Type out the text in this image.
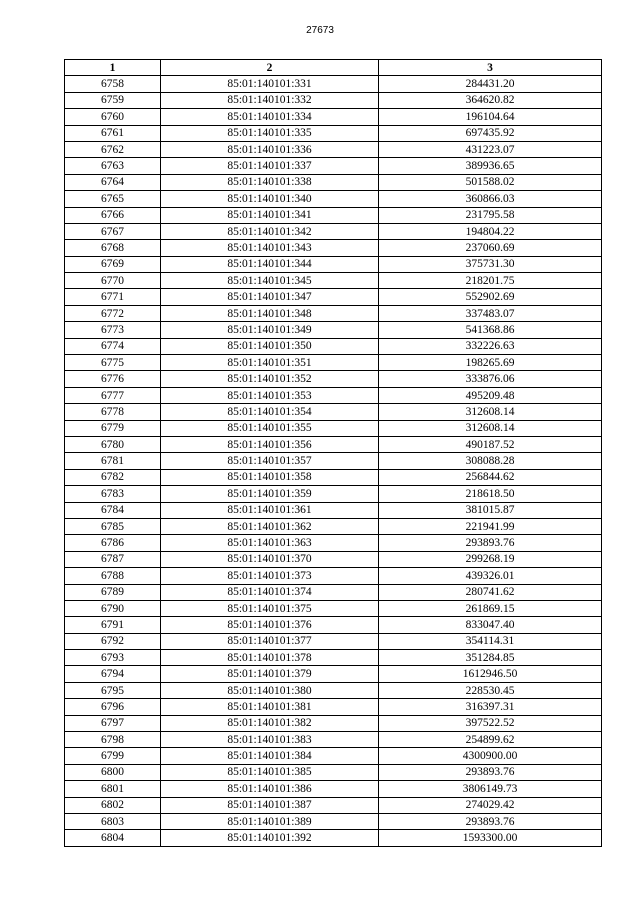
27673
1	2	3
6758	85:01:140101:331	284431.20
6759	85:01:140101:332	364620.82
6760	85:01:140101:334	196104.64
6761	85:01:140101:335	697435.92
6762	85:01:140101:336	431223.07
6763	85:01:140101:337	389936.65
6764	85:01:140101:338	501588.02
6765	85:01:140101:340	360866.03
6766	85:01:140101:341	231795.58
6767	85:01:140101:342	194804.22
6768	85:01:140101:343	237060.69
6769	85:01:140101:344	375731.30
6770	85:01:140101:345	218201.75
6771	85:01:140101:347	552902.69
6772	85:01:140101:348	337483.07
6773	85:01:140101:349	541368.86
6774	85:01:140101:350	332226.63
6775	85:01:140101:351	198265.69
6776	85:01:140101:352	333876.06
6777	85:01:140101:353	495209.48
6778	85:01:140101:354	312608.14
6779	85:01:140101:355	312608.14
6780	85:01:140101:356	490187.52
6781	85:01:140101:357	308088.28
6782	85:01:140101:358	256844.62
6783	85:01:140101:359	218618.50
6784	85:01:140101:361	381015.87
6785	85:01:140101:362	221941.99
6786	85:01:140101:363	293893.76
6787	85:01:140101:370	299268.19
6788	85:01:140101:373	439326.01
6789	85:01:140101:374	280741.62
6790	85:01:140101:375	261869.15
6791	85:01:140101:376	833047.40
6792	85:01:140101:377	354114.31
6793	85:01:140101:378	351284.85
6794	85:01:140101:379	1612946.50
6795	85:01:140101:380	228530.45
6796	85:01:140101:381	316397.31
6797	85:01:140101:382	397522.52
6798	85:01:140101:383	254899.62
6799	85:01:140101:384	4300900.00
6800	85:01:140101:385	293893.76
6801	85:01:140101:386	3806149.73
6802	85:01:140101:387	274029.42
6803	85:01:140101:389	293893.76
6804	85:01:140101:392	1593300.00
